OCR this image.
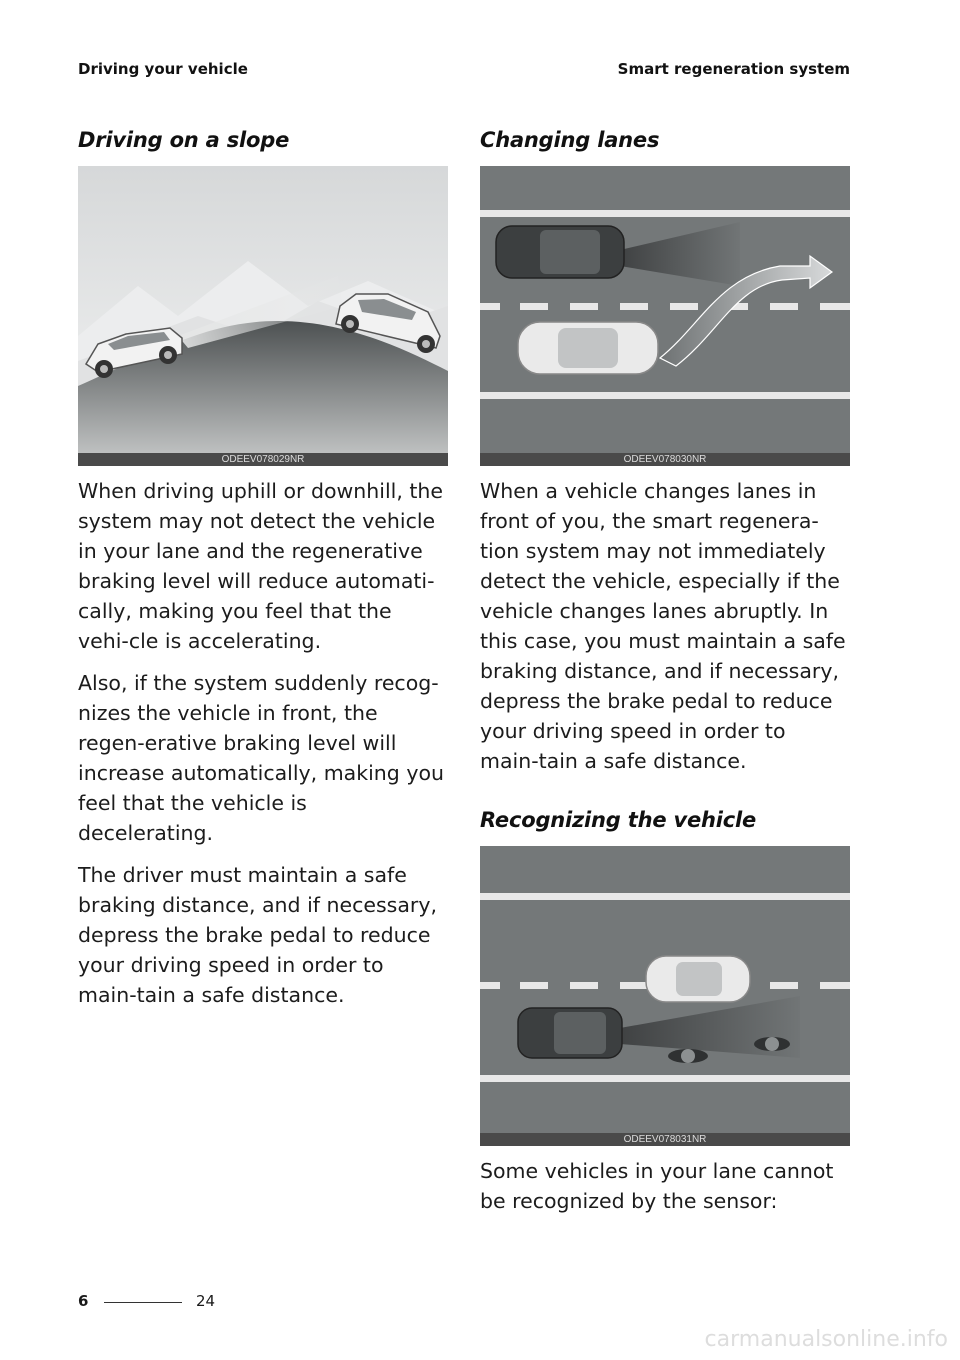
Driving your vehicle	Smart regeneration system
Driving on a slope
ODEEV078029NR

When driving uphill or downhill, the system may not detect the vehicle in your lane and the regenerative braking level will reduce automati-cally, making you feel that the vehi-cle is accelerating.

Also, if the system suddenly recog-nizes the vehicle in front, the regen-erative braking level will increase automatically, making you feel that the vehicle is decelerating.

The driver must maintain a safe braking distance, and if necessary, depress the brake pedal to reduce your driving speed in order to main-tain a safe distance.

Changing lanes
ODEEV078030NR

When a vehicle changes lanes in front of you, the smart regenera-tion system may not immediately detect the vehicle, especially if the vehicle changes lanes abruptly. In this case, you must maintain a safe braking distance, and if necessary, depress the brake pedal to reduce your driving speed in order to main-tain a safe distance.

Recognizing the vehicle
ODEEV078031NR

Some vehicles in your lane cannot be recognized by the sensor:

6	24
carmanualsonline.info
